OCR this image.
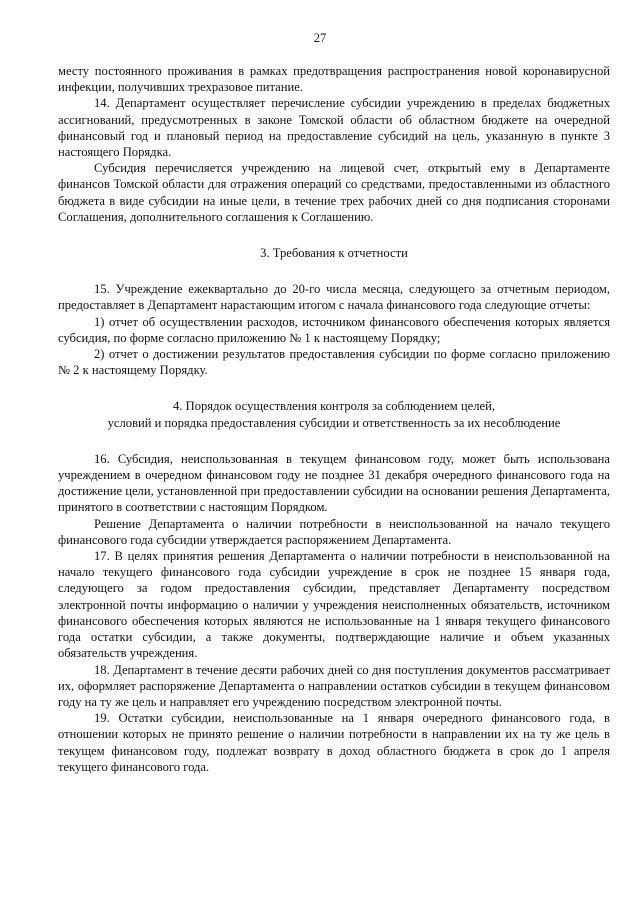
27

месту постоянного проживания в рамках предотвращения распространения новой коронавирусной инфекции, получивших трехразовое питание.

14. Департамент осуществляет перечисление субсидии учреждению в пределах бюджетных ассигнований, предусмотренных в законе Томской области об областном бюджете на очередной финансовый год и плановый период на предоставление субсидий на цель, указанную в пункте 3 настоящего Порядка.

Субсидия перечисляется учреждению на лицевой счет, открытый ему в Департаменте финансов Томской области для отражения операций со средствами, предоставленными из областного бюджета в виде субсидии на иные цели, в течение трех рабочих дней со дня подписания сторонами Соглашения, дополнительного соглашения к Соглашению.

3. Требования к отчетности

15. Учреждение ежеквартально до 20-го числа месяца, следующего за отчетным периодом, предоставляет в Департамент нарастающим итогом с начала финансового года следующие отчеты:

1) отчет об осуществлении расходов, источником финансового обеспечения которых является субсидия, по форме согласно приложению № 1 к настоящему Порядку;

2) отчет о достижении результатов предоставления субсидии по форме согласно приложению № 2 к настоящему Порядку.

4. Порядок осуществления контроля за соблюдением целей,

условий и порядка предоставления субсидии и ответственность за их несоблюдение

16. Субсидия, неиспользованная в текущем финансовом году, может быть использована учреждением в очередном финансовом году не позднее 31 декабря очередного финансового года на достижение цели, установленной при предоставлении субсидии на основании решения Департамента, принятого в соответствии с настоящим Порядком.

Решение Департамента о наличии потребности в неиспользованной на начало текущего финансового года субсидии утверждается распоряжением Департамента.

17. В целях принятия решения Департамента о наличии потребности в неиспользованной на начало текущего финансового года субсидии учреждение в срок не позднее 15 января года, следующего за годом предоставления субсидии, представляет Департаменту посредством электронной почты информацию о наличии у учреждения неисполненных обязательств, источником финансового обеспечения которых являются не использованные на 1 января текущего финансового года остатки субсидии, а также документы, подтверждающие наличие и объем указанных обязательств учреждения.

18. Департамент в течение десяти рабочих дней со дня поступления документов рассматривает их, оформляет распоряжение Департамента о направлении остатков субсидии в текущем финансовом году на ту же цель и направляет его учреждению посредством электронной почты.

19. Остатки субсидии, неиспользованные на 1 января очередного финансового года, в отношении которых не принято решение о наличии потребности в направлении их на ту же цель в текущем финансовом году, подлежат возврату в доход областного бюджета в срок до 1 апреля текущего финансового года.
